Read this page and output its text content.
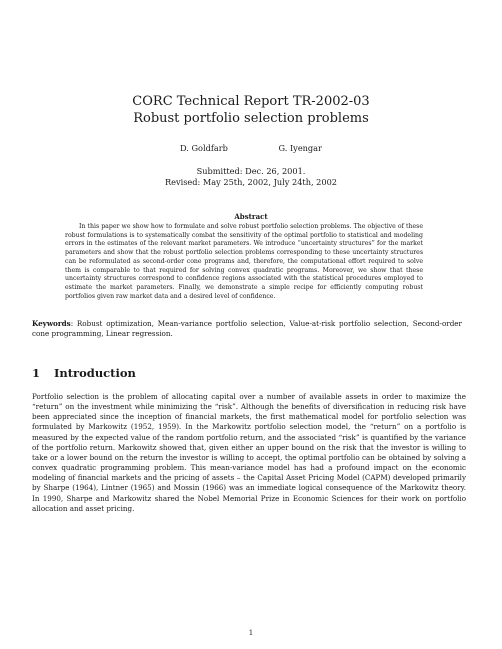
CORC Technical Report TR-2002-03

Robust portfolio selection problems

D. Goldfarb	G. Iyengar
Submitted: Dec. 26, 2001.
Revised: May 25th, 2002, July 24th, 2002
Abstract

In this paper we show how to formulate and solve robust portfolio selection problems. The objective of these robust formulations is to systematically combat the sensitivity of the optimal portfolio to statistical and modeling errors in the estimates of the relevant market parameters. We introduce “uncertainty structures” for the market parameters and show that the robust portfolio selection problems corresponding to these uncertainty structures can be reformulated as second-order cone programs and, therefore, the computational effort required to solve them is comparable to that required for solving convex quadratic programs. Moreover, we show that these uncertainty structures correspond to confidence regions associated with the statistical procedures employed to estimate the market parameters. Finally, we demonstrate a simple recipe for efficiently computing robust portfolios given raw market data and a desired level of confidence.

Keywords: Robust optimization, Mean-variance portfolio selection, Value-at-risk portfolio selection, Second-order cone programming, Linear regression.

1 Introduction

Portfolio selection is the problem of allocating capital over a number of available assets in order to maximize the “return” on the investment while minimizing the “risk”. Although the benefits of diversification in reducing risk have been appreciated since the inception of financial markets, the first mathematical model for portfolio selection was formulated by Markowitz (1952, 1959). In the Markowitz portfolio selection model, the “return” on a portfolio is measured by the expected value of the random portfolio return, and the associated “risk” is quantified by the variance of the portfolio return. Markowitz showed that, given either an upper bound on the risk that the investor is willing to take or a lower bound on the return the investor is willing to accept, the optimal portfolio can be obtained by solving a convex quadratic programming problem. This mean-variance model has had a profound impact on the economic modeling of financial markets and the pricing of assets – the Capital Asset Pricing Model (CAPM) developed primarily by Sharpe (1964), Lintner (1965) and Mossin (1966) was an immediate logical consequence of the Markowitz theory. In 1990, Sharpe and Markowitz shared the Nobel Memorial Prize in Economic Sciences for their work on portfolio allocation and asset pricing.

1
